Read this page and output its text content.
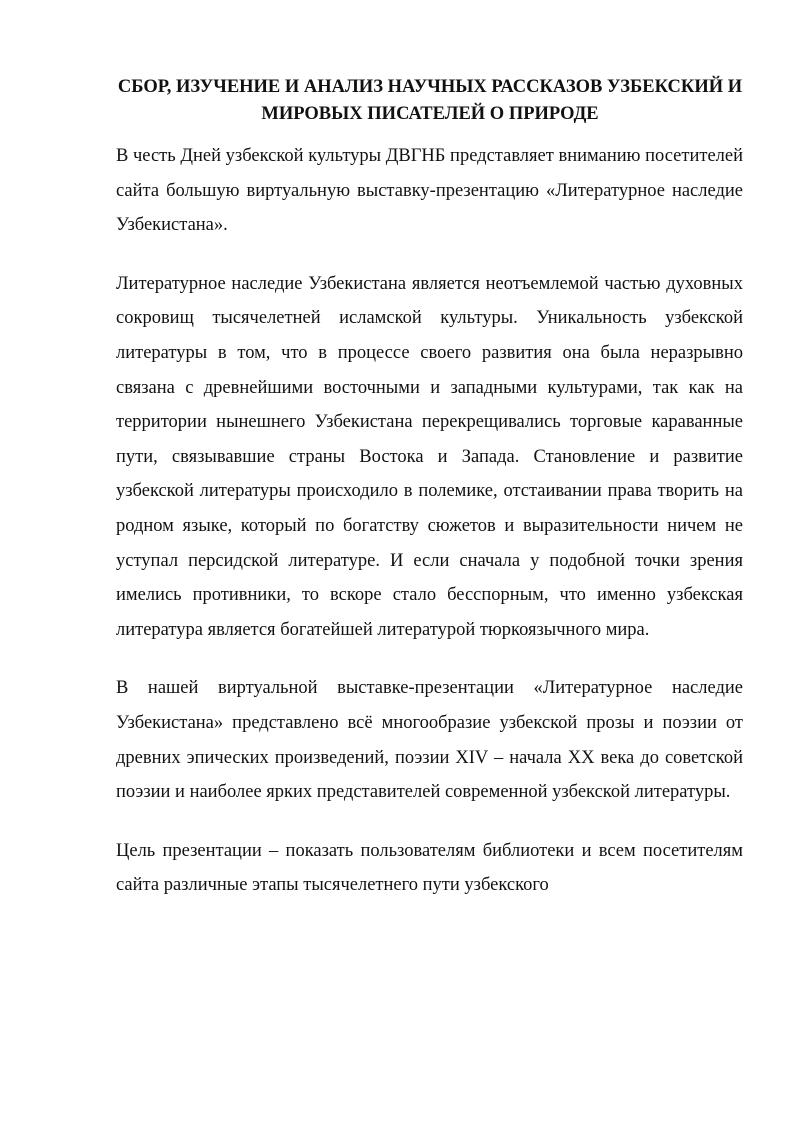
СБОР, ИЗУЧЕНИЕ И АНАЛИЗ НАУЧНЫХ РАССКАЗОВ УЗБЕКСКИЙ И МИРОВЫХ ПИСАТЕЛЕЙ О ПРИРОДЕ

В честь Дней узбекской культуры ДВГНБ представляет вниманию посетителей сайта большую виртуальную выставку-презентацию «Литературное наследие Узбекистана».

Литературное наследие Узбекистана является неотъемлемой частью духовных сокровищ тысячелетней исламской культуры. Уникальность узбекской литературы в том, что в процессе своего развития она была неразрывно связана с древнейшими восточными и западными культурами, так как на территории нынешнего Узбекистана перекрещивались торговые караванные пути, связывавшие страны Востока и Запада. Становление и развитие узбекской литературы происходило в полемике, отстаивании права творить на родном языке, который по богатству сюжетов и выразительности ничем не уступал персидской литературе. И если сначала у подобной точки зрения имелись противники, то вскоре стало бесспорным, что именно узбекская литература является богатейшей литературой тюркоязычного мира.

В нашей виртуальной выставке-презентации «Литературное наследие Узбекистана» представлено всё многообразие узбекской прозы и поэзии от древних эпических произведений, поэзии XIV – начала XX века до советской поэзии и наиболее ярких представителей современной узбекской литературы.

Цель презентации – показать пользователям библиотеки и всем посетителям сайта различные этапы тысячелетнего пути узбекского
